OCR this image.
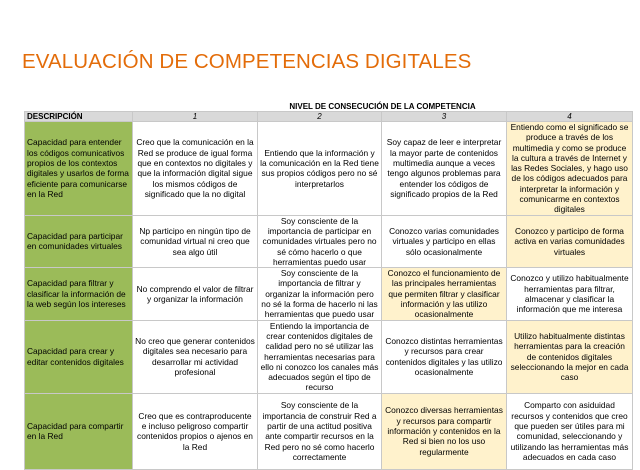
EVALUACIÓN DE COMPETENCIAS DIGITALES
	NIVEL DE CONSECUCIÓN DE LA COMPETENCIA			
DESCRIPCIÓN	1	2	3	4
Capacidad para entender los códigos comunicativos propios de los contextos digitales y usarlos de forma eficiente para comunicarse en la Red	Creo que la comunicación en la Red se produce de igual forma que en contextos no digitales y que la información digital sigue los mismos códigos de significado que la no digital	Entiendo que la información y la comunicación en la Red tiene sus propios códigos pero no sé interpretarlos	Soy capaz de leer e interpretar la mayor parte de contenidos multimedia aunque a veces tengo algunos problemas para entender los códigos de significado propios de la Red	Entiendo como el significado se produce a través de los multimedia y como se produce la cultura a través de Internet y las Redes Sociales, y hago uso de los códigos adecuados para interpretar la información y comunicarme en contextos digitales
Capacidad para participar en comunidades virtuales	Np participo en ningún tipo de comunidad virtual ni creo que sea algo útil	Soy consciente de la importancia de participar en comunidades virtuales pero no sé cómo hacerlo o que herramientas puedo usar	Conozco varias comunidades virtuales y participo en ellas sólo ocasionalmente	Conozco y participo de forma activa en varias comunidades virtuales
Capacidad para filtrar y clasificar la información de la web según los intereses	No comprendo el valor de filtrar y organizar la información	Soy consciente de la importancia de filtrar y organizar la información pero no sé la forma de hacerlo ni las herramientas que puedo usar	Conozco el funcionamiento de las principales herramientas que permiten filtrar y clasificar información y las utilizo ocasionalmente	Conozco y utilizo habitualmente herramientas para filtrar, almacenar y clasificar la información que me interesa
Capacidad para crear y editar contenidos digitales	No creo que generar contenidos digitales sea necesario para desarrollar mi actividad profesional	Entiendo la importancia de crear contenidos digitales de calidad pero no sé utilizar las herramientas necesarias para ello ni conozco los canales más adecuados según el tipo de recurso	Conozco distintas herramientas y recursos para crear contenidos digitales y las utilizo ocasionalmente	Utilizo habitualmente distintas herramientas para la creación de contenidos digitales seleccionando la mejor en cada caso
Capacidad para compartir en la Red	Creo que es contraproducente e incluso peligroso compartir contenidos propios o ajenos en la Red	Soy consciente de la importancia de construir Red a partir de una actitud positiva ante compartir recursos en la Red pero no sé como hacerlo correctamente	Conozco diversas herramientas y recursos para compartir información y contenidos en la Red si bien no los uso regularmente	Comparto con asiduidad recursos y contenidos que creo que pueden ser útiles para mi comunidad, seleccionando y utilizando las herramientas más adecuados en cada caso
